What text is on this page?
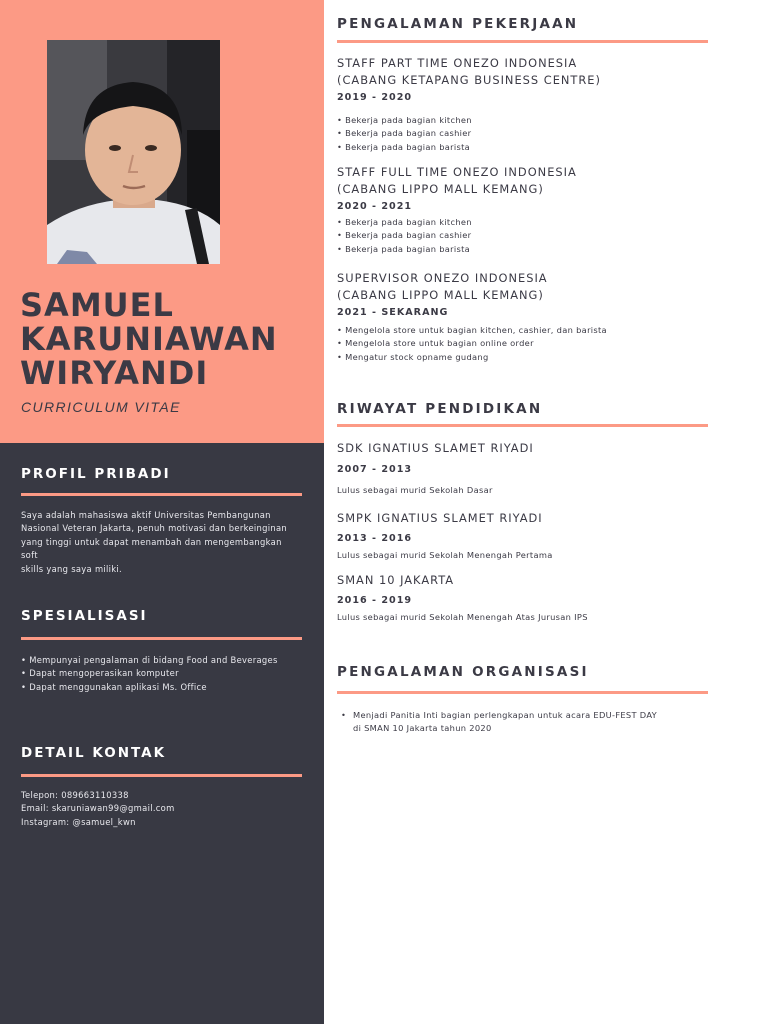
SAMUEL
KARUNIAWAN
WIRYANDI
CURRICULUM VITAE
PROFIL PRIBADI

Saya adalah mahasiswa aktif Universitas Pembangunan

Nasional Veteran Jakarta, penuh motivasi dan berkeinginan

yang tinggi untuk dapat menambah dan mengembangkan soft

skills yang saya miliki.

SPESIALISASI

• Mempunyai pengalaman di bidang Food and Beverages

• Dapat mengoperasikan komputer

• Dapat menggunakan aplikasi Ms. Office

DETAIL KONTAK

Telepon: 089663110338

Email: skaruniawan99@gmail.com

Instagram: @samuel_kwn

PENGALAMAN PEKERJAAN
STAFF PART TIME ONEZO INDONESIA
(CABANG KETAPANG BUSINESS CENTRE)
2019 - 2020
• Bekerja pada bagian kitchen
• Bekerja pada bagian cashier
• Bekerja pada bagian barista
STAFF FULL TIME ONEZO INDONESIA
(CABANG LIPPO MALL KEMANG)
2020 - 2021
• Bekerja pada bagian kitchen
• Bekerja pada bagian cashier
• Bekerja pada bagian barista
SUPERVISOR ONEZO INDONESIA
(CABANG LIPPO MALL KEMANG)
2021 - SEKARANG
• Mengelola store untuk bagian kitchen, cashier, dan barista
• Mengelola store untuk bagian online order
• Mengatur stock opname gudang
RIWAYAT PENDIDIKAN
SDK IGNATIUS SLAMET RIYADI
2007 - 2013
Lulus sebagai murid Sekolah Dasar
SMPK IGNATIUS SLAMET RIYADI
2013 - 2016
Lulus sebagai murid Sekolah Menengah Pertama
SMAN 10 JAKARTA
2016 - 2019
Lulus sebagai murid Sekolah Menengah Atas Jurusan IPS
PENGALAMAN ORGANISASI
• Menjadi Panitia Inti bagian perlengkapan untuk acara EDU-FEST DAY
di SMAN 10 Jakarta tahun 2020
